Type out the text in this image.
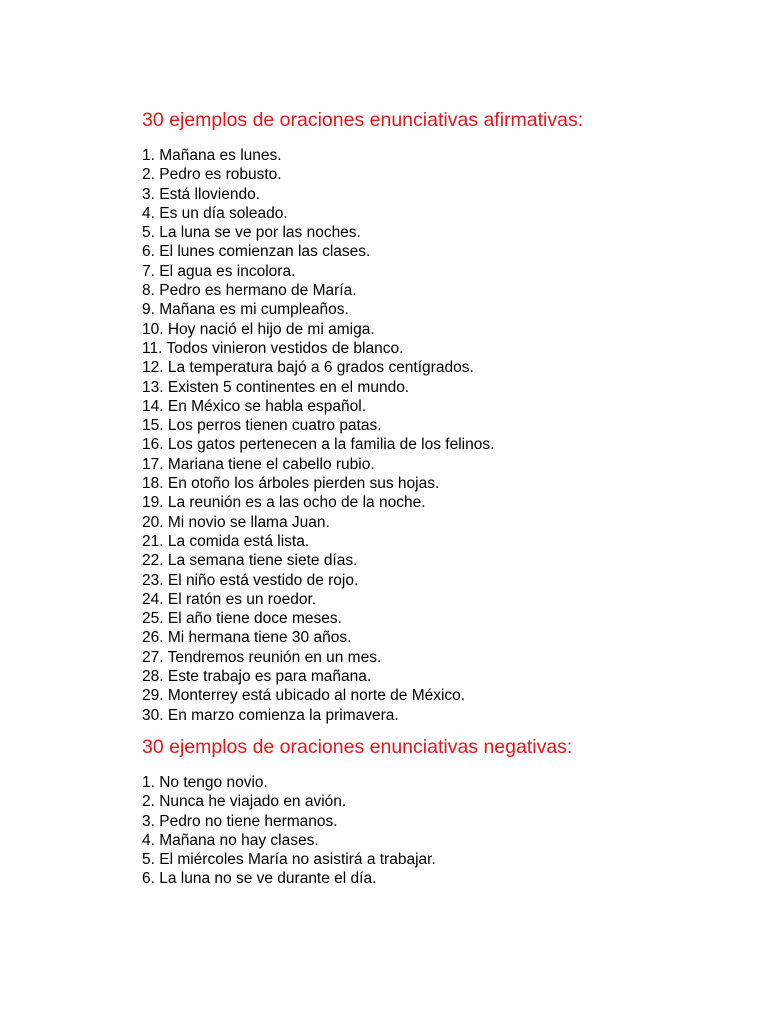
30 ejemplos de oraciones enunciativas afirmativas:
1. Mañana es lunes.
2. Pedro es robusto.
3. Está lloviendo.
4. Es un día soleado.
5. La luna se ve por las noches.
6. El lunes comienzan las clases.
7. El agua es incolora.
8. Pedro es hermano de María.
9. Mañana es mi cumpleaños.
10. Hoy nació el hijo de mi amiga.
11. Todos vinieron vestidos de blanco.
12. La temperatura bajó a 6 grados centígrados.
13. Existen 5 continentes en el mundo.
14. En México se habla español.
15. Los perros tienen cuatro patas.
16. Los gatos pertenecen a la familia de los felinos.
17. Mariana tiene el cabello rubio.
18. En otoño los árboles pierden sus hojas.
19. La reunión es a las ocho de la noche.
20. Mi novio se llama Juan.
21. La comida está lista.
22. La semana tiene siete días.
23. El niño está vestido de rojo.
24. El ratón es un roedor.
25. El año tiene doce meses.
26. Mi hermana tiene 30 años.
27. Tendremos reunión en un mes.
28. Este trabajo es para mañana.
29. Monterrey está ubicado al norte de México.
30. En marzo comienza la primavera.
30 ejemplos de oraciones enunciativas negativas:
1. No tengo novio.
2. Nunca he viajado en avión.
3. Pedro no tiene hermanos.
4. Mañana no hay clases.
5. El miércoles María no asistirá a trabajar.
6. La luna no se ve durante el día.
